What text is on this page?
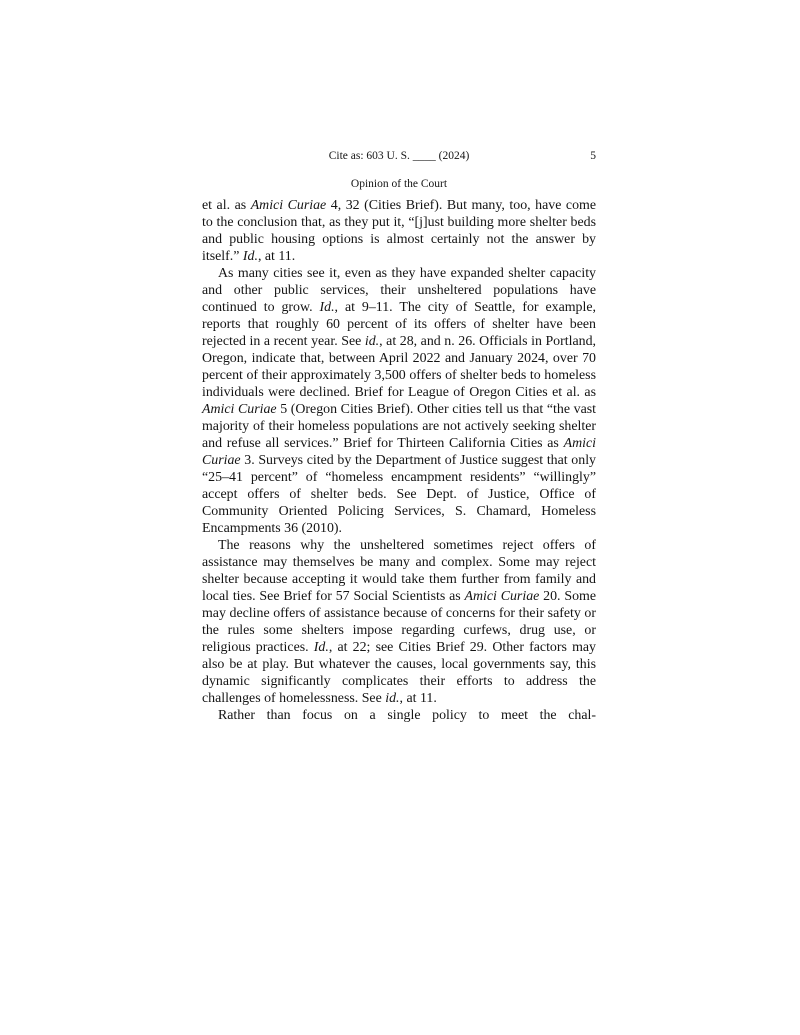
Cite as: 603 U. S. ____ (2024)	5
Opinion of the Court

et al. as Amici Curiae 4, 32 (Cities Brief). But many, too, have come to the conclusion that, as they put it, “[j]ust building more shelter beds and public housing options is almost certainly not the answer by itself.” Id., at 11.

As many cities see it, even as they have expanded shelter capacity and other public services, their unsheltered populations have continued to grow. Id., at 9–11. The city of Seattle, for example, reports that roughly 60 percent of its offers of shelter have been rejected in a recent year. See id., at 28, and n. 26. Officials in Portland, Oregon, indicate that, between April 2022 and January 2024, over 70 percent of their approximately 3,500 offers of shelter beds to homeless individuals were declined. Brief for League of Oregon Cities et al. as Amici Curiae 5 (Oregon Cities Brief). Other cities tell us that “the vast majority of their homeless populations are not actively seeking shelter and refuse all services.” Brief for Thirteen California Cities as Amici Curiae 3. Surveys cited by the Department of Justice suggest that only “25–41 percent” of “homeless encampment residents” “willingly” accept offers of shelter beds. See Dept. of Justice, Office of Community Oriented Policing Services, S. Chamard, Homeless Encampments 36 (2010).

The reasons why the unsheltered sometimes reject offers of assistance may themselves be many and complex. Some may reject shelter because accepting it would take them further from family and local ties. See Brief for 57 Social Scientists as Amici Curiae 20. Some may decline offers of assistance because of concerns for their safety or the rules some shelters impose regarding curfews, drug use, or religious practices. Id., at 22; see Cities Brief 29. Other factors may also be at play. But whatever the causes, local governments say, this dynamic significantly complicates their efforts to address the challenges of homelessness. See id., at 11.

Rather than focus on a single policy to meet the chal-
